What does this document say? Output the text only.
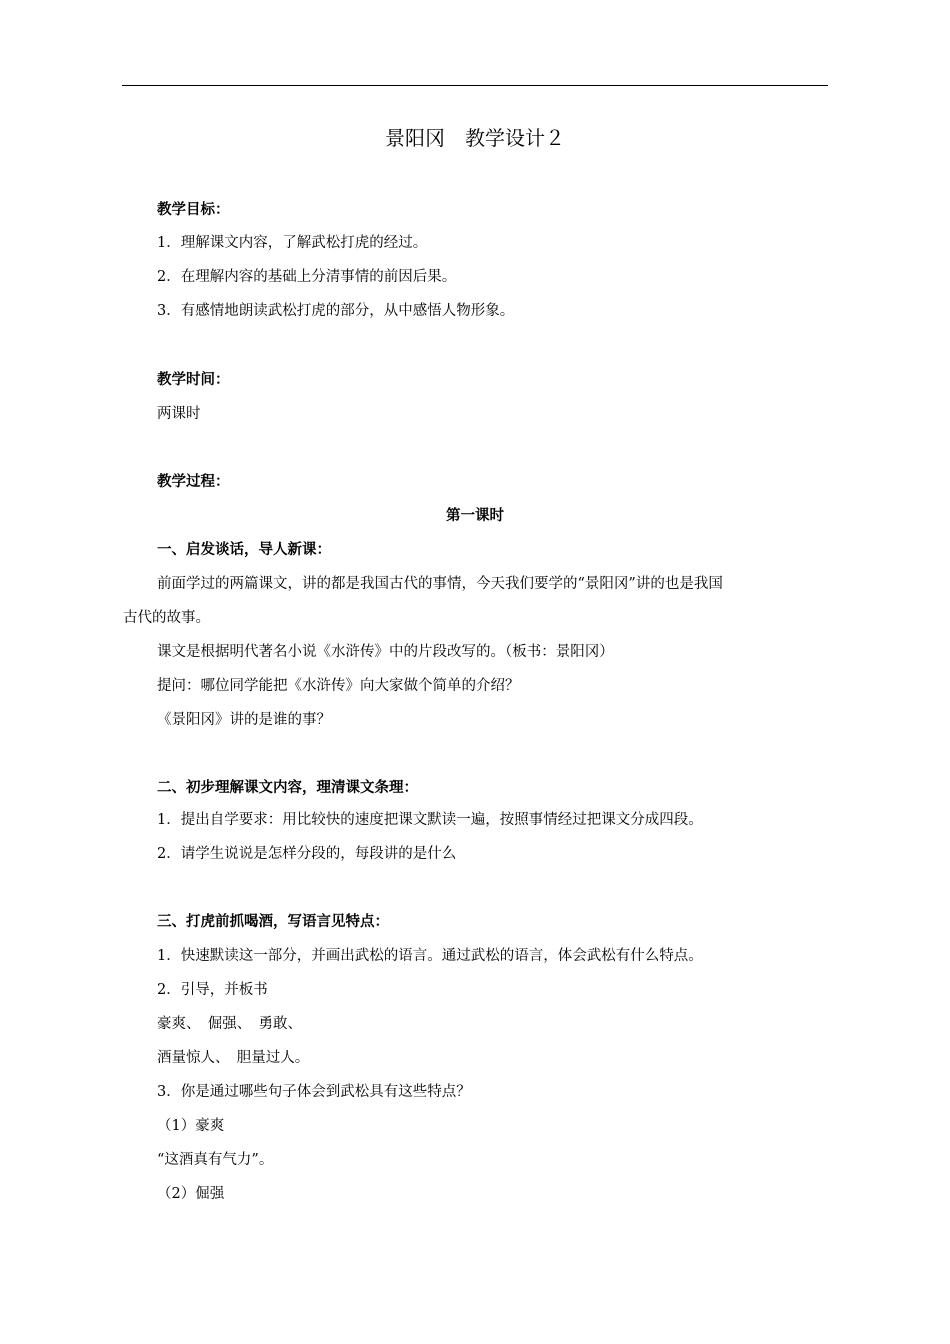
景阳冈　教学设计２
教学目标：
1．理解课文内容，了解武松打虎的经过。
2．在理解内容的基础上分清事情的前因后果。
3．有感情地朗读武松打虎的部分，从中感悟人物形象。
教学时间：
两课时
教学过程：
第一课时
一、启发谈话，导人新课：
前面学过的两篇课文，讲的都是我国古代的事情，今天我们要学的“景阳冈”讲的也是我国
古代的故事。
课文是根据明代著名小说《水浒传》中的片段改写的。（板书：景阳冈）
提问：哪位同学能把《水浒传》向大家做个简单的介绍？
《景阳冈》讲的是谁的事？
二、初步理解课文内容，理清课文条理：
1．提出自学要求：用比较快的速度把课文默读一遍，按照事情经过把课文分成四段。
2．请学生说说是怎样分段的，每段讲的是什么
三、打虎前抓喝酒，写语言见特点：
1．快速默读这一部分，并画出武松的语言。通过武松的语言，体会武松有什么特点。
2．引导，并板书
豪爽、　倔强、　勇敢、
酒量惊人、　胆量过人。
3．你是通过哪些句子体会到武松具有这些特点？
（1）豪爽
“这酒真有气力”。
（2）倔强
